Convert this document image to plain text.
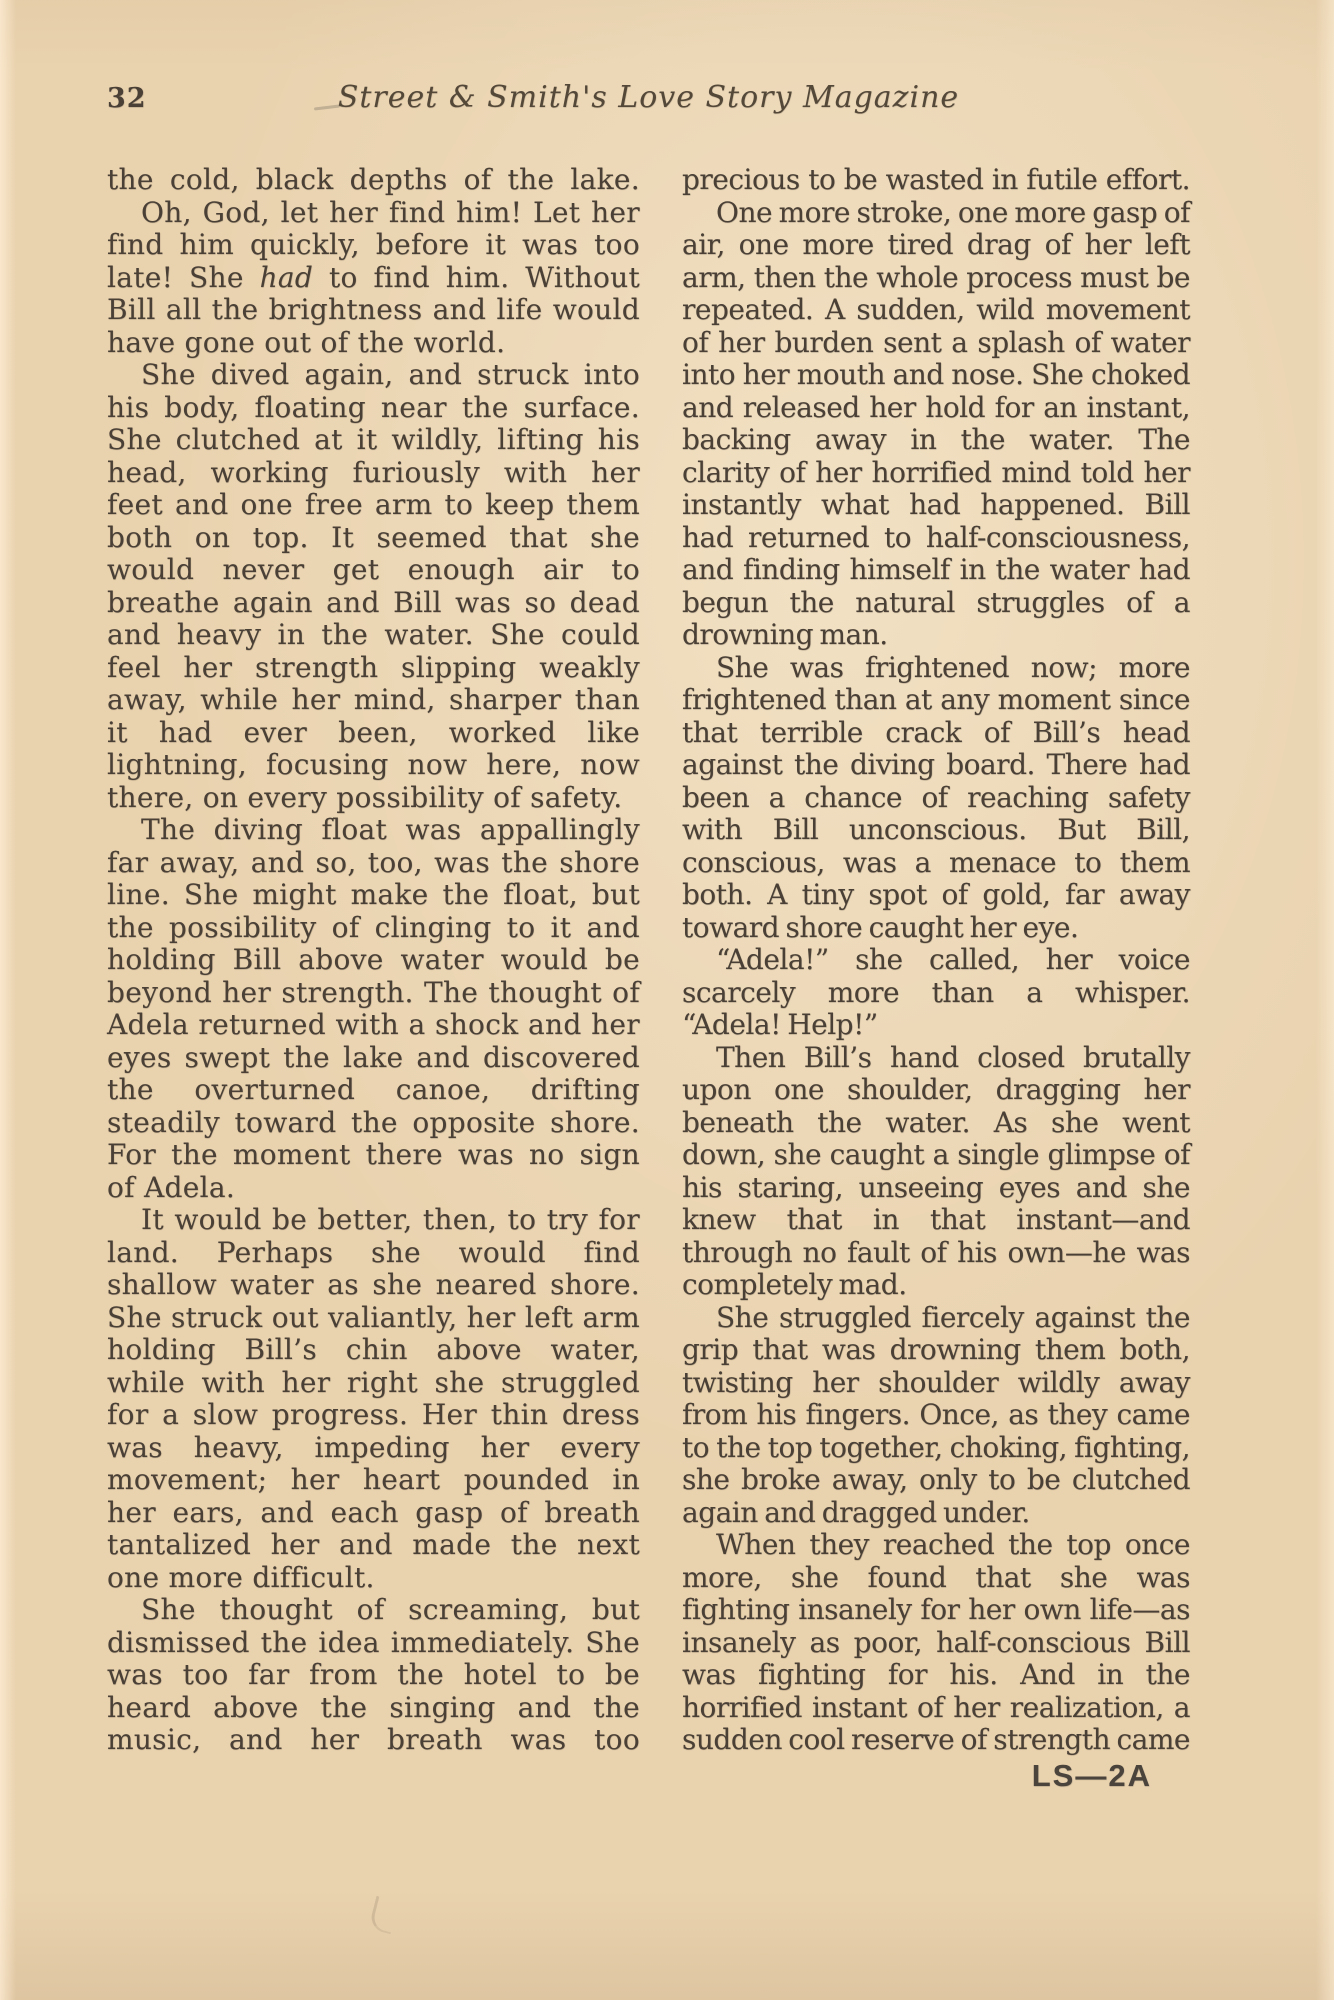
32	Street & Smith's Love Story Magazine

the cold, black depths of the lake.

Oh, God, let her find him! Let her find him quickly, before it was too late! She had to find him. Without Bill all the brightness and life would have gone out of the world.

She dived again, and struck into his body, floating near the surface. She clutched at it wildly, lifting his head, working furiously with her feet and one free arm to keep them both on top. It seemed that she would never get enough air to breathe again and Bill was so dead and heavy in the water. She could feel her strength slipping weakly away, while her mind, sharper than it had ever been, worked like lightning, focusing now here, now there, on every possibility of safety.

The diving float was appallingly far away, and so, too, was the shore line. She might make the float, but the possibility of clinging to it and holding Bill above water would be beyond her strength. The thought of Adela returned with a shock and her eyes swept the lake and discovered the overturned canoe, drifting steadily toward the opposite shore. For the moment there was no sign of Adela.

It would be better, then, to try for land. Perhaps she would find shallow water as she neared shore. She struck out valiantly, her left arm holding Bill’s chin above water, while with her right she struggled for a slow progress. Her thin dress was heavy, impeding her every movement; her heart pounded in her ears, and each gasp of breath tantalized her and made the next one more difficult.

She thought of screaming, but dismissed the idea immediately. She was too far from the hotel to be heard above the singing and the music, and her breath was too

precious to be wasted in futile effort.

One more stroke, one more gasp of air, one more tired drag of her left arm, then the whole process must be repeated. A sudden, wild movement of her burden sent a splash of water into her mouth and nose. She choked and released her hold for an instant, backing away in the water. The clarity of her horrified mind told her instantly what had happened. Bill had returned to half-consciousness, and finding himself in the water had begun the natural struggles of a drowning man.

She was frightened now; more frightened than at any moment since that terrible crack of Bill’s head against the diving board. There had been a chance of reaching safety with Bill unconscious. But Bill, conscious, was a menace to them both. A tiny spot of gold, far away toward shore caught her eye.

“Adela!” she called, her voice scarcely more than a whisper. “Adela! Help!”

Then Bill’s hand closed brutally upon one shoulder, dragging her beneath the water. As she went down, she caught a single glimpse of his staring, unseeing eyes and she knew that in that instant—and through no fault of his own—he was completely mad.

She struggled fiercely against the grip that was drowning them both, twisting her shoulder wildly away from his fingers. Once, as they came to the top together, choking, fighting, she broke away, only to be clutched again and dragged under.

When they reached the top once more, she found that she was fighting insanely for her own life—as insanely as poor, half-conscious Bill was fighting for his. And in the horrified instant of her realization, a sudden cool reserve of strength came

LS—2A
